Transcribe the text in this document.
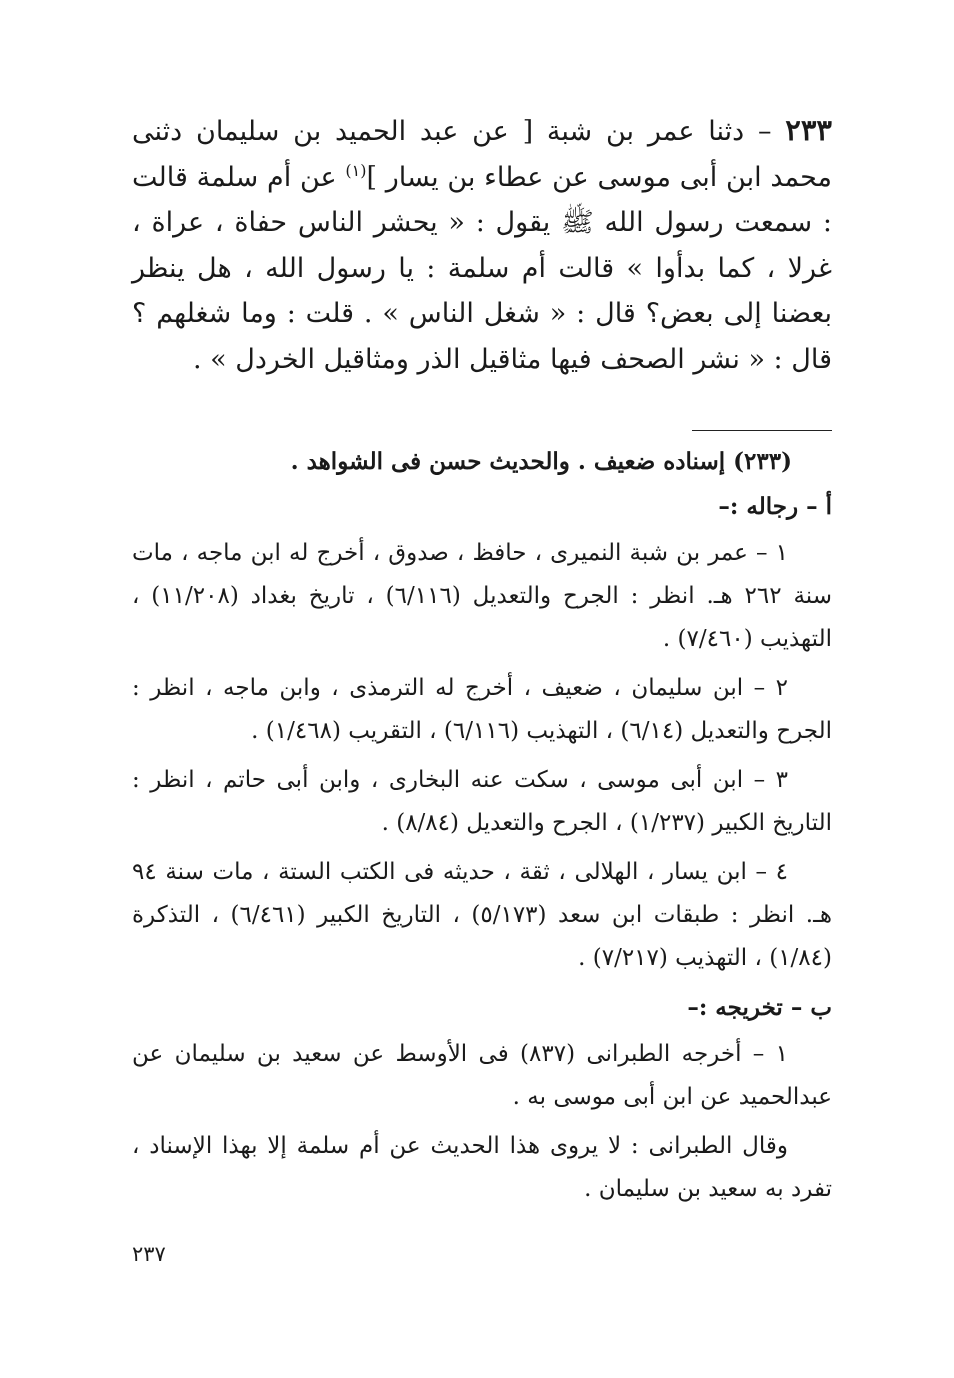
٢٣٣ – دثنا عمر بن شبة [ عن عبد الحميد بن سليمان دثنى محمد ابن أبى موسى عن عطاء بن يسار ]$^{(١)}$ عن أم سلمة قالت : سمعت رسول الله ﷺ يقول : « يحشر الناس حفاة ، عراة ، غرلا ، كما بدأوا » قالت أم سلمة : يا رسول الله ، هل ينظر بعضنا إلى بعض؟ قال : « شغل الناس » . قلت : وما شغلهم ؟ قال : « نشر الصحف فيها مثاقيل الذر ومثاقيل الخردل » .

(٢٣٣) إسناده ضعيف . والحديث حسن فى الشواهد .

أ – رجاله :–

١ – عمر بن شبة النميرى ، حافظ ، صدوق ، أخرج له ابن ماجه ، مات سنة ٢٦٢ هـ. انظر : الجرح والتعديل (٦/١١٦) ، تاريخ بغداد (١١/٢٠٨) ، التهذيب (٧/٤٦٠) .

٢ – ابن سليمان ، ضعيف ، أخرج له الترمذى ، وابن ماجه ، انظر : الجرح والتعديل (٦/١٤) ، التهذيب (٦/١١٦) ، التقريب (١/٤٦٨) .

٣ – ابن أبى موسى ، سكت عنه البخارى ، وابن أبى حاتم ، انظر : التاريخ الكبير (١/٢٣٧) ، الجرح والتعديل (٨/٨٤) .

٤ – ابن يسار ، الهلالى ، ثقة ، حديثه فى الكتب الستة ، مات سنة ٩٤ هـ. انظر : طبقات ابن سعد (٥/١٧٣) ، التاريخ الكبير (٦/٤٦١) ، التذكرة (١/٨٤) ، التهذيب (٧/٢١٧) .

ب – تخريجه :–

١ – أخرجه الطبرانى (٨٣٧) فى الأوسط عن سعيد بن سليمان عن عبدالحميد عن ابن أبى موسى به .

وقال الطبرانى : لا يروى هذا الحديث عن أم سلمة إلا بهذا الإسناد ، تفرد به سعيد بن سليمان .

٢٣٧
